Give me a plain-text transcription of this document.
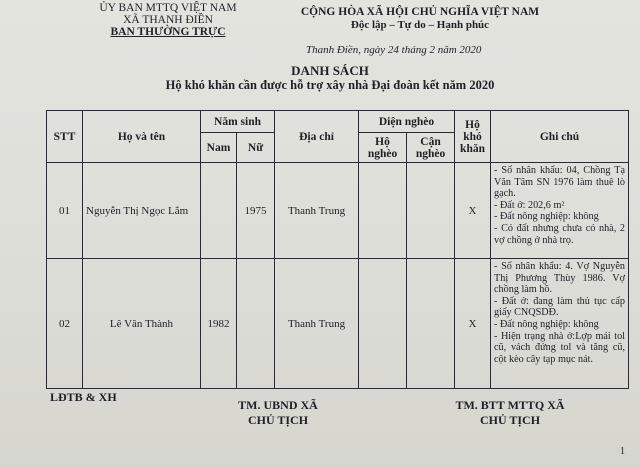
ỦY BAN MTTQ VIỆT NAM
XÃ THANH ĐIỀN
BAN THƯỜNG TRỰC
CỘNG HÒA XÃ HỘI CHỦ NGHĨA VIỆT NAM
Độc lập – Tự do – Hạnh phúc
Thanh Điền, ngày 24 tháng 2 năm 2020
DANH SÁCH
Hộ khó khăn cần được hỗ trợ xây nhà Đại đoàn kết năm 2020
STT	Họ và tên	Năm sinh		Địa chỉ	Diện nghèo		Hộ khó khăn	Ghi chú
		Nam	Nữ		Hộ nghèo	Cận nghèo		
01	Nguyễn Thị Ngọc Lắm		1975	Thanh Trung			X	- Số nhân khẩu: 04, Chồng Tạ Văn Tâm SN 1976 làm thuê lò gạch.
- Đất ở: 202,6 m²
- Đất nông nghiệp: không
- Có đất nhưng chưa có nhà, 2 vợ chồng ở nhà trọ.

02	Lê Văn Thành	1982		Thanh Trung			X	- Số nhân khẩu: 4. Vợ Nguyễn Thị Phương Thùy 1986. Vợ chồng làm hồ.
- Đất ở: đang làm thủ tục cấp giấy CNQSDĐ.
- Đất nông nghiệp: không
- Hiện trạng nhà ở:Lợp mái tol cũ, vách đứng tol và tăng cũ, cột kèo cây tạp mục nát.
LĐTB & XH
TM. UBND XÃ
CHỦ TỊCH
TM. BTT MTTQ XÃ
CHỦ TỊCH
1
